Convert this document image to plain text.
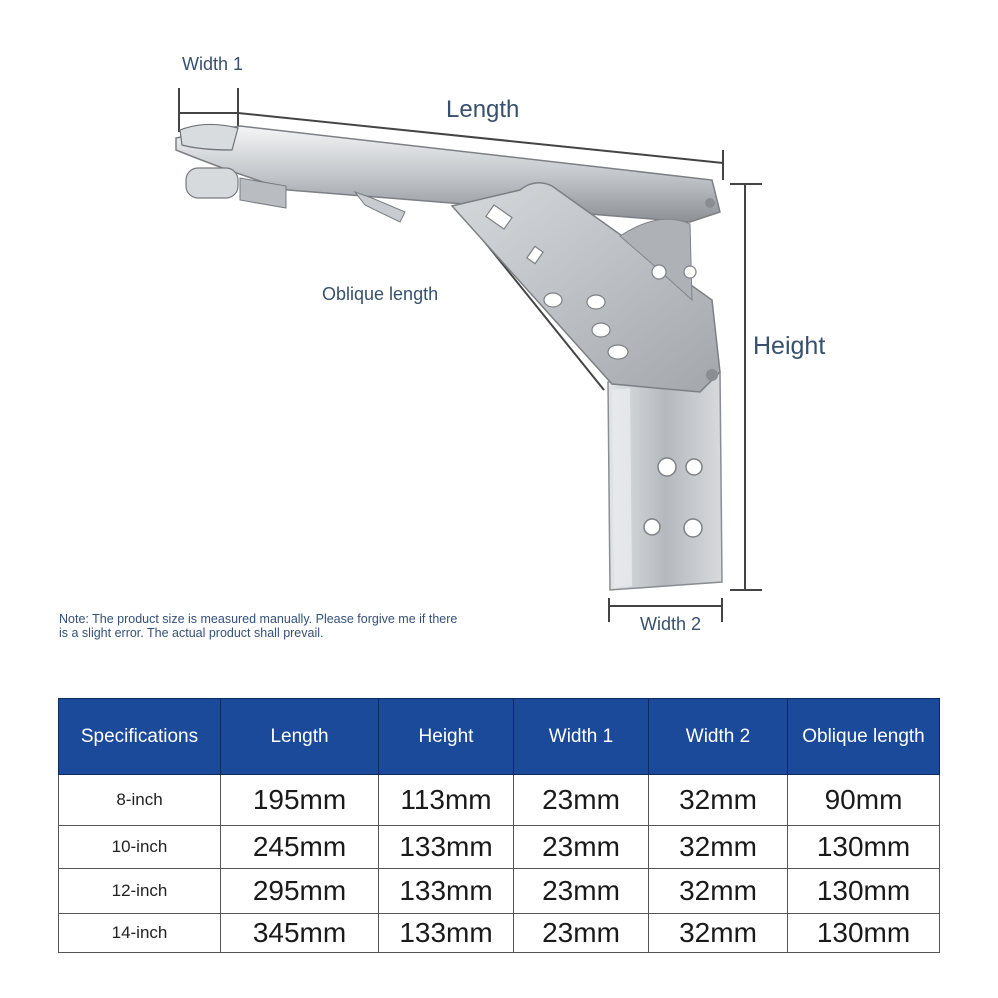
Width 1
Length
Oblique length
Height
Width 2
Note: The product size is measured manually. Please forgive me if there is a slight error. The actual product shall prevail.
Specifications	Length	Height	Width 1	Width 2	Oblique length
8-inch	195mm	113mm	23mm	32mm	90mm
10-inch	245mm	133mm	23mm	32mm	130mm
12-inch	295mm	133mm	23mm	32mm	130mm
14-inch	345mm	133mm	23mm	32mm	130mm
